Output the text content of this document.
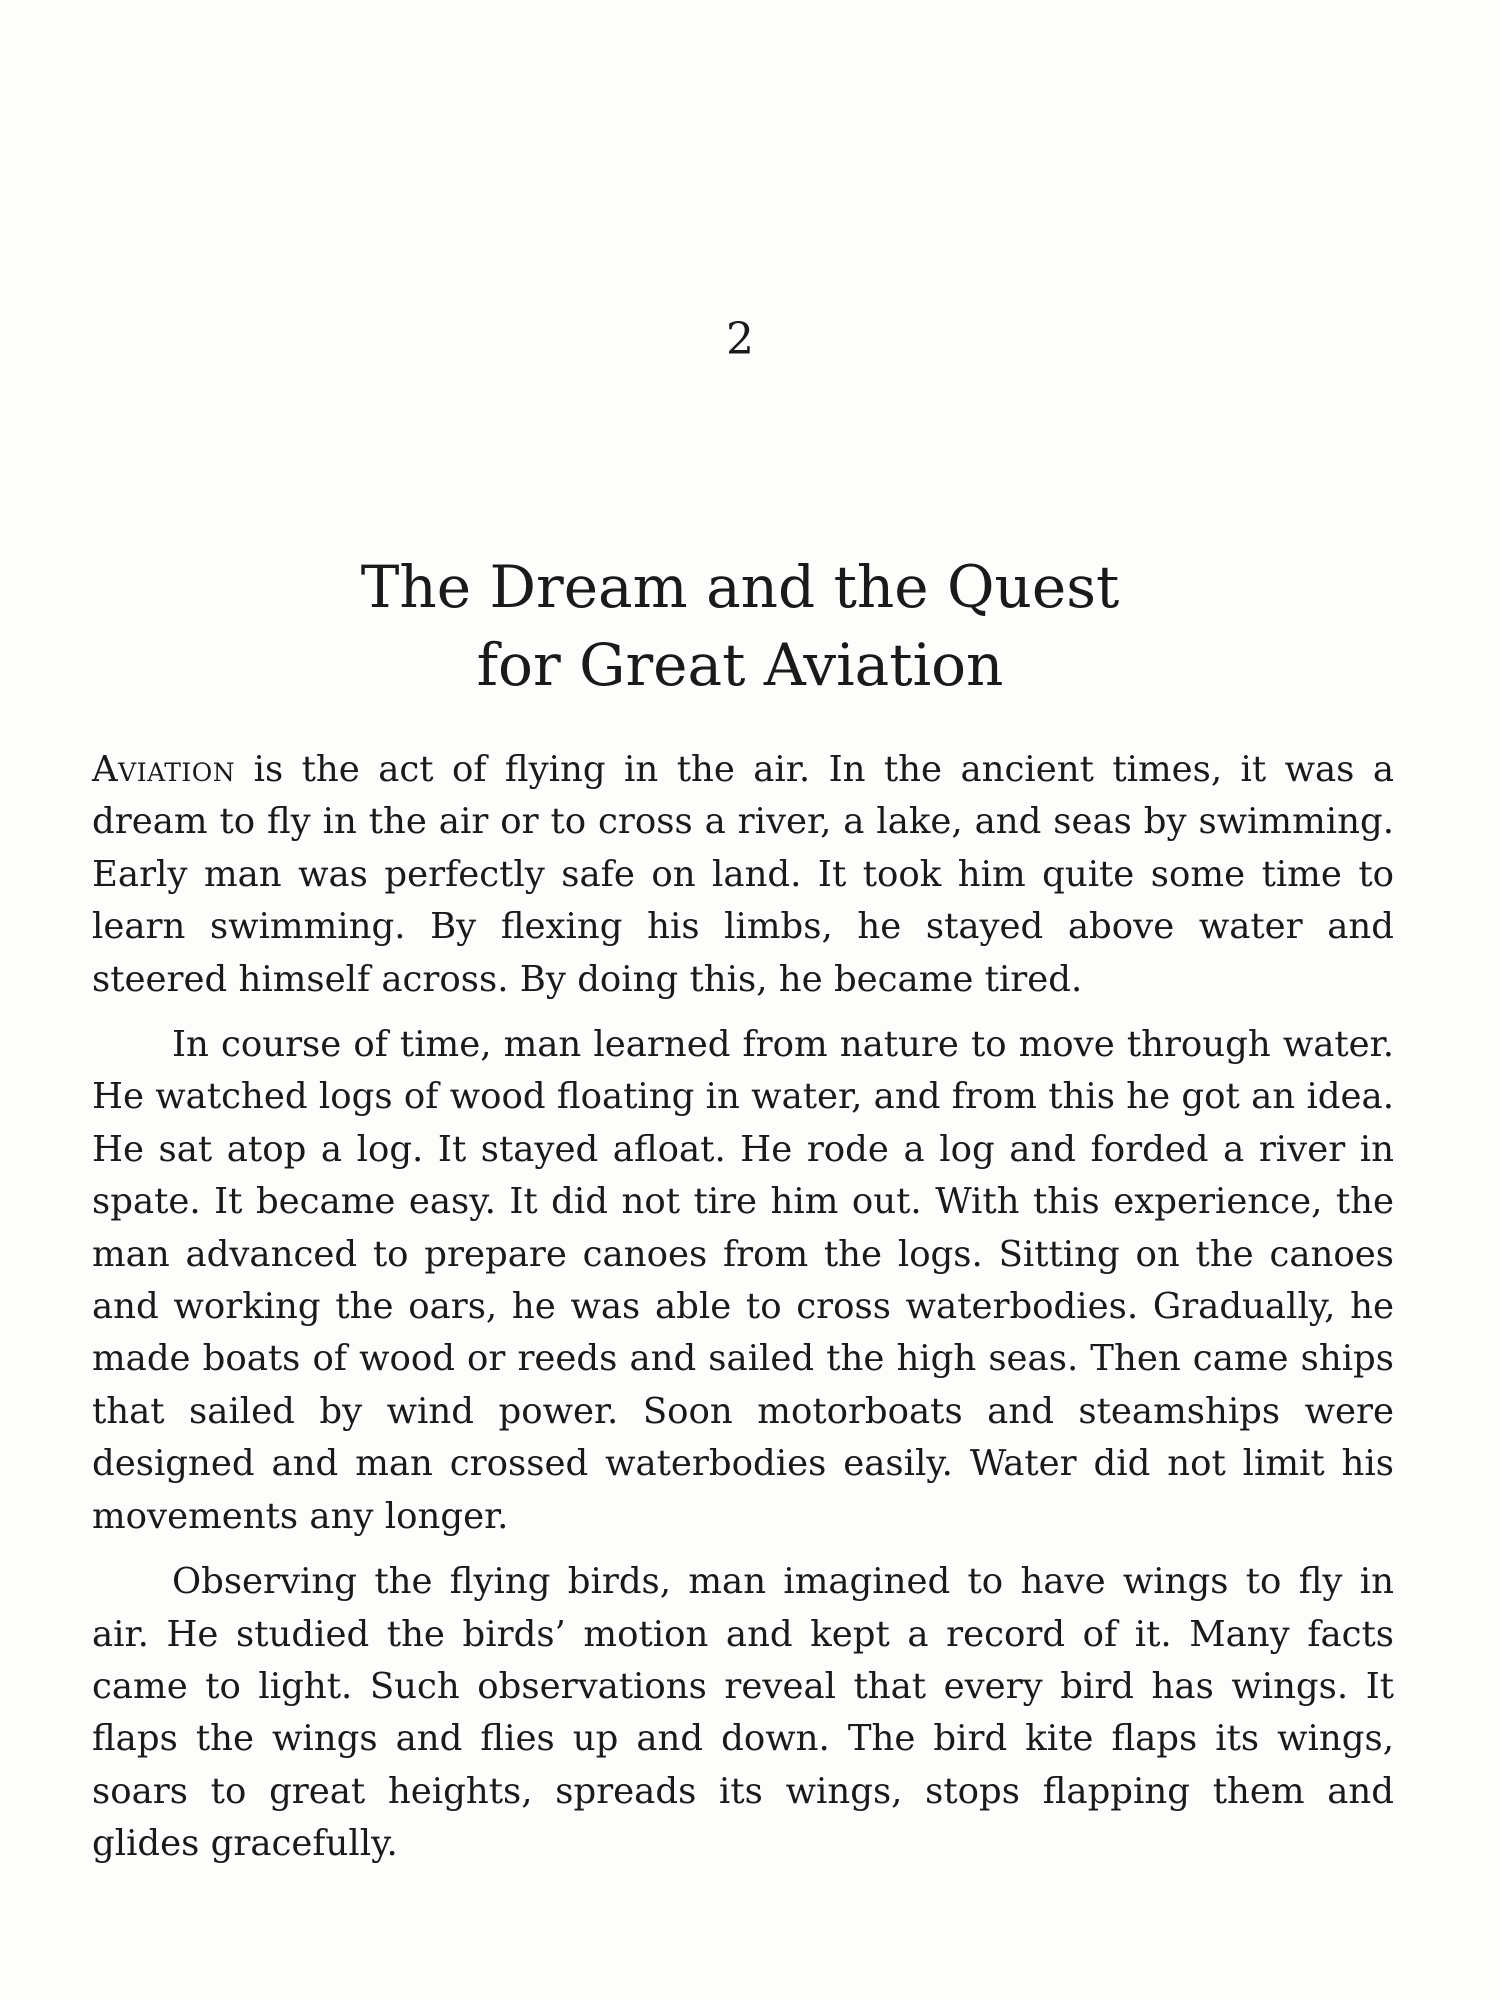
2
The Dream and the Quest
for Great Aviation

Aviation is the act of flying in the air. In the ancient times, it was a dream to fly in the air or to cross a river, a lake, and seas by swimming. Early man was perfectly safe on land. It took him quite some time to learn swimming. By flexing his limbs, he stayed above water and steered himself across. By doing this, he became tired.

In course of time, man learned from nature to move through water. He watched logs of wood floating in water, and from this he got an idea. He sat atop a log. It stayed afloat. He rode a log and forded a river in spate. It became easy. It did not tire him out. With this experience, the man advanced to prepare canoes from the logs. Sitting on the canoes and working the oars, he was able to cross waterbodies. Gradually, he made boats of wood or reeds and sailed the high seas. Then came ships that sailed by wind power. Soon motorboats and steamships were designed and man crossed waterbodies easily. Water did not limit his movements any longer.

Observing the flying birds, man imagined to have wings to fly in air. He studied the birds’ motion and kept a record of it. Many facts came to light. Such observations reveal that every bird has wings. It flaps the wings and flies up and down. The bird kite flaps its wings, soars to great heights, spreads its wings, stops flapping them and glides gracefully.
